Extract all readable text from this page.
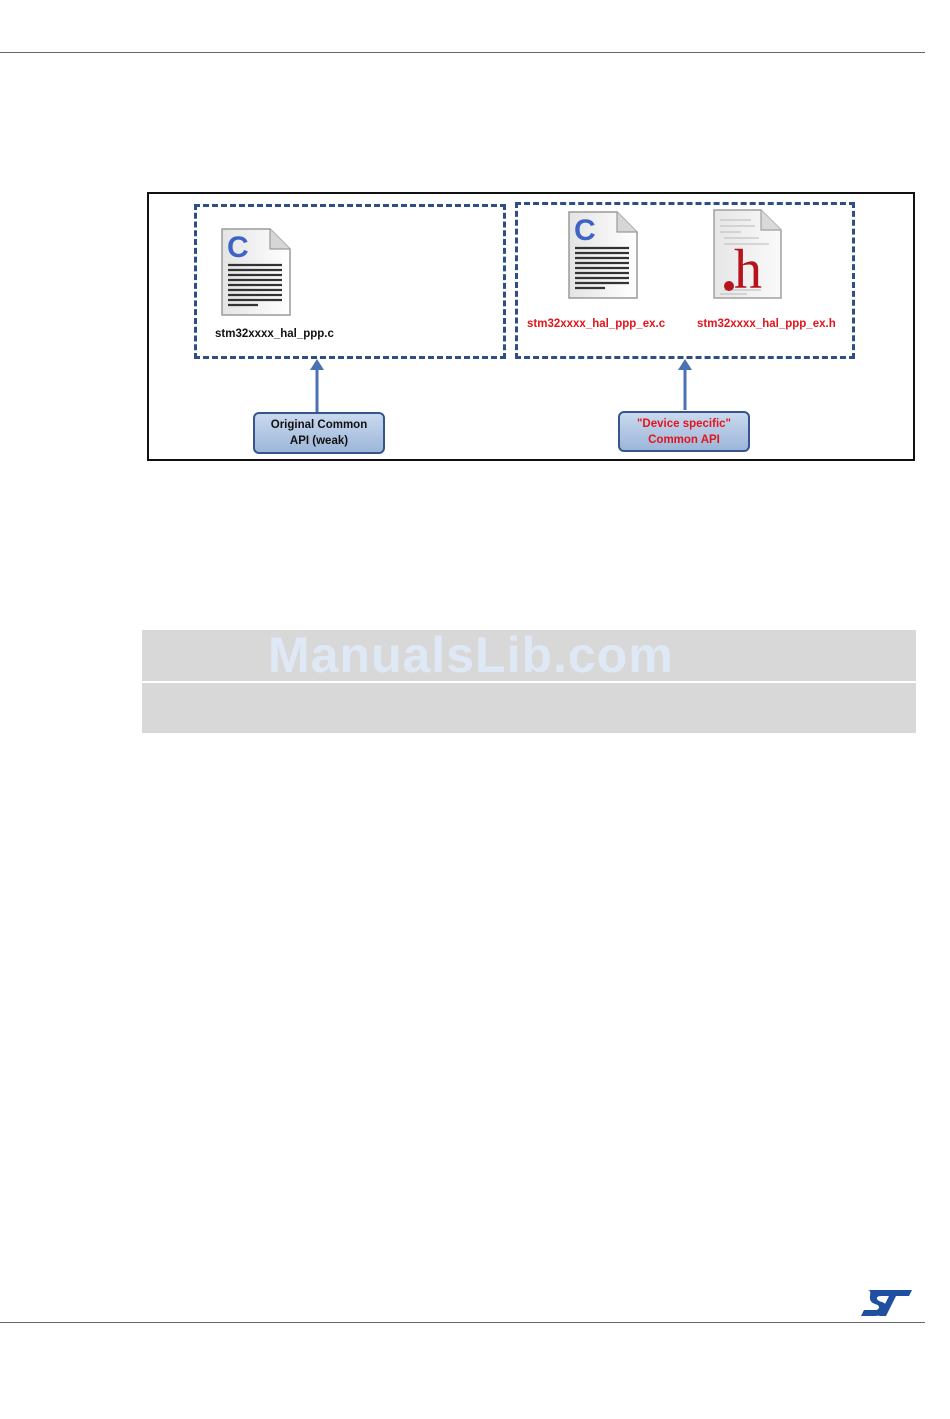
C
stm32xxxx_hal_ppp.c
C
stm32xxxx_hal_ppp_ex.c
h
stm32xxxx_hal_ppp_ex.h
Original Common
API (weak)
"Device specific"
Common API
ManualsLib.com
